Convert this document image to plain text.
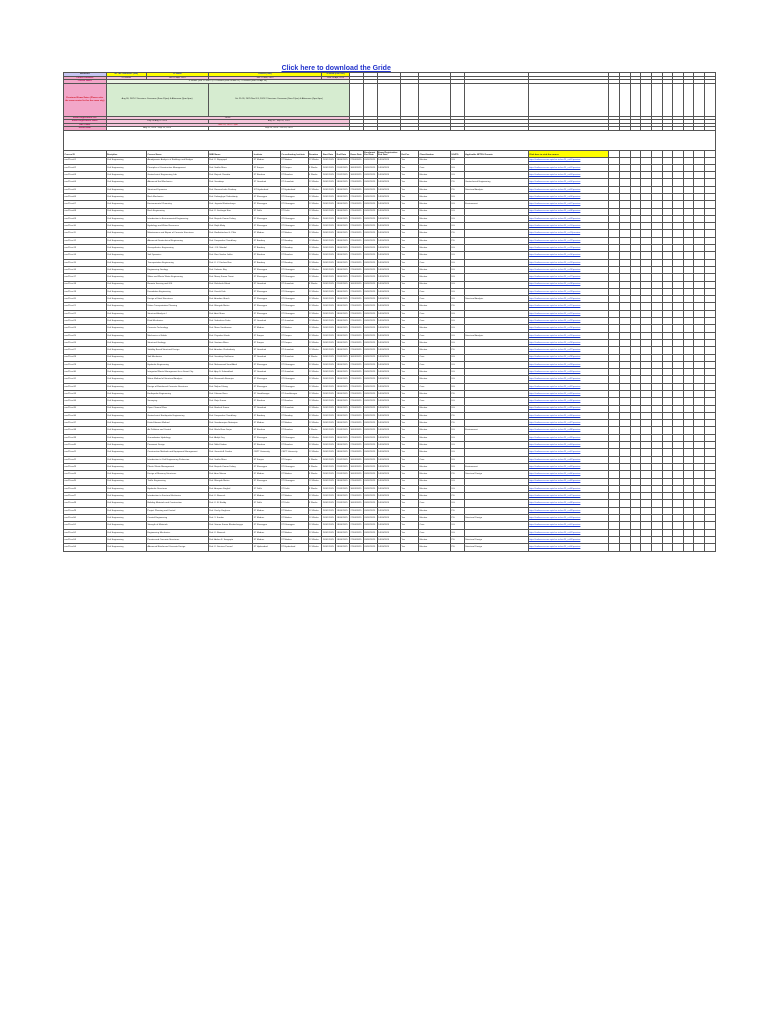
Click here to download the Gride																										
Semester	NPTEL Semester (Jan)	12 Week	8 Week (Jan)				8 Week (Feb-Jun)																			
Course Duration	12 Weeks	Jan 27-Apr, 2025	Jan 27-Mar, 2025				Feb 24-Apr, 2025																			
Course Dates	4 Weeks (Jan 27-Feb 21) • 4 Weeks (Feb 24-Mar 21) • 4 Weeks (Mar 24-Apr 18)																									
Proctored Exam Dates (Please refer the exam center list for the exam city)	Aug 30, 2025 2 Sessions: Forenoon (9am-12pm) & Afternoon (2pm-5pm)		Oct 25-26, 2025 Nov 8-9, 2025 2 Sessions: Forenoon (9am-12pm) & Afternoon (2pm-5pm)																							
Exam Registration Fee	1000/-																									
Exam Registration Dates	July 28-Aug 22 2025		Aug 18 - Sep 20, 2025																							
Hall Ticket	June 29, 2025 - 5pm																									
Result Date	Aug 22, 2025 - Sep 15, 2025		Sep 26, 2025 - Oct 10, 2025																							

Course ID	Discipline	Course Name	SME Name	Institute	Co-ordinating Institute	Duration	Start Date	End Date	Exam Date	Enrolment End Date	Exam Registration End Date	Ext.Fee	Classification	UG/PG	Applicable NPTEL Domain	Click here to visit the course										
noc25-ce01	Civil Engineering	Aerodynamic Analysis of Buildings and Bridges	Prof. K. Rajagopal	IIT Madras	IIT Madras	12 Weeks	24/01/2025	18/04/2025	27/04/2025	03/02/2025	14/03/2025	Yes	Elective	UG		https://onlinecourses.nptel.ac.in/noc25_ce01/preview										
noc25-ce02	Civil Engineering	Principles of Construction Management	Prof. Sudhir Misra	IIT Kanpur	IIT Kanpur	8 Weeks	24/01/2025	21/03/2025	30/03/2025	03/02/2025	14/03/2025	Yes	Core	UG		https://onlinecourses.nptel.ac.in/noc25_ce02/preview										
noc25-ce03	Civil Engineering	Geotechnical Engineering Lab	Prof. Rajesh Chandra	IIT Roorkee	IIT Roorkee	4 Weeks	24/01/2025	21/02/2025	30/03/2025	03/02/2025	14/03/2025	Yes	Elective	UG		https://onlinecourses.nptel.ac.in/noc25_ce03/preview										
noc25-ce04	Civil Engineering	Advanced Soil Mechanics	Prof. Sreedeep	IIT Guwahati	IIT Guwahati	12 Weeks	24/01/2025	18/04/2025	27/04/2025	03/02/2025	14/03/2025	Yes	Elective	PG	Geotechnical Engineering	https://onlinecourses.nptel.ac.in/noc25_ce04/preview										
noc25-ce05	Civil Engineering	Structural Dynamics	Prof. Ramancharla Pradeep	IIIT Hyderabad	IIT Hyderabad	12 Weeks	24/01/2025	18/04/2025	27/04/2025	03/02/2025	14/03/2025	Yes	Elective	PG	Structural Analysis	https://onlinecourses.nptel.ac.in/noc25_ce05/preview										
noc25-ce06	Civil Engineering	Rock Mechanics	Prof. Debarghya Chakraborty	IIT Kharagpur	IIT Kharagpur	12 Weeks	24/01/2025	18/04/2025	27/04/2025	03/02/2025	14/03/2025	Yes	Elective	UG		https://onlinecourses.nptel.ac.in/noc25_ce06/preview										
noc25-ce07	Civil Engineering	Environmental Chemistry	Prof. Jayanta Bhattacharya	IIT Kharagpur	IIT Kharagpur	12 Weeks	24/01/2025	18/04/2025	27/04/2025	03/02/2025	14/03/2025	Yes	Elective	UG	Environment	https://onlinecourses.nptel.ac.in/noc25_ce07/preview										
noc25-ce08	Civil Engineering	Rock Engineering	Prof. K. Seshagiri Rao	IIT Delhi	IIT Delhi	12 Weeks	24/01/2025	18/04/2025	27/04/2025	03/02/2025	14/03/2025	Yes	Elective	UG		https://onlinecourses.nptel.ac.in/noc25_ce08/preview										
noc25-ce09	Civil Engineering	Introduction to Environmental Engineering	Prof. Brajesh Kumar Dubey	IIT Kharagpur	IIT Kharagpur	12 Weeks	24/01/2025	18/04/2025	27/04/2025	03/02/2025	14/03/2025	Yes	Elective	UG		https://onlinecourses.nptel.ac.in/noc25_ce09/preview										
noc25-ce10	Civil Engineering	Hydrology and Water Resources	Prof. Rajib Maity	IIT Kharagpur	IIT Kharagpur	12 Weeks	24/01/2025	18/04/2025	27/04/2025	03/02/2025	14/03/2025	Yes	Elective	UG		https://onlinecourses.nptel.ac.in/noc25_ce10/preview										
noc25-ce11	Civil Engineering	Maintenance and Repair of Concrete Structures	Prof. Radhakrishna G. Pillai	IIT Madras	IIT Madras	12 Weeks	24/01/2025	18/04/2025	27/04/2025	03/02/2025	14/03/2025	Yes	Elective	PG		https://onlinecourses.nptel.ac.in/noc25_ce11/preview										
noc25-ce12	Civil Engineering	Advanced Geotechnical Engineering	Prof. Deepankar Choudhury	IIT Bombay	IIT Bombay	12 Weeks	24/01/2025	18/04/2025	27/04/2025	03/02/2025	14/03/2025	Yes	Elective	PG		https://onlinecourses.nptel.ac.in/noc25_ce12/preview										
noc25-ce13	Civil Engineering	Geosynthetics Engineering	Prof. J. N. Mandal	IIT Bombay	IIT Bombay	12 Weeks	24/01/2025	18/04/2025	27/04/2025	03/02/2025	14/03/2025	Yes	Elective	UG		https://onlinecourses.nptel.ac.in/noc25_ce13/preview										
noc25-ce14	Civil Engineering	Soil Dynamics	Prof. Ravi Sankar Jakka	IIT Roorkee	IIT Roorkee	12 Weeks	24/01/2025	18/04/2025	27/04/2025	03/02/2025	14/03/2025	Yes	Elective	UG		https://onlinecourses.nptel.ac.in/noc25_ce14/preview										
noc25-ce15	Civil Engineering	Transportation Engineering	Prof. K. V. Krishna Rao	IIT Bombay	IIT Bombay	12 Weeks	24/01/2025	18/04/2025	27/04/2025	03/02/2025	14/03/2025	Yes	Core	UG		https://onlinecourses.nptel.ac.in/noc25_ce15/preview										
noc25-ce16	Civil Engineering	Engineering Geology	Prof. Debasis Roy	IIT Kharagpur	IIT Kharagpur	12 Weeks	24/01/2025	18/04/2025	27/04/2025	03/02/2025	14/03/2025	Yes	Elective	UG		https://onlinecourses.nptel.ac.in/noc25_ce16/preview										
noc25-ce17	Civil Engineering	Water and Waste Water Engineering	Prof. Manoj Kumar Tiwari	IIT Kharagpur	IIT Kharagpur	12 Weeks	24/01/2025	18/04/2025	27/04/2025	03/02/2025	14/03/2025	Yes	Elective	UG		https://onlinecourses.nptel.ac.in/noc25_ce17/preview										
noc25-ce18	Civil Engineering	Remote Sensing and GIS	Prof. Rishikesh Bharti	IIT Guwahati	IIT Guwahati	8 Weeks	24/01/2025	21/03/2025	30/03/2025	03/02/2025	14/03/2025	Yes	Elective	UG		https://onlinecourses.nptel.ac.in/noc25_ce18/preview										
noc25-ce19	Civil Engineering	Foundation Engineering	Prof. Kousik Deb	IIT Kharagpur	IIT Kharagpur	12 Weeks	24/01/2025	18/04/2025	27/04/2025	03/02/2025	14/03/2025	Yes	Core	UG		https://onlinecourses.nptel.ac.in/noc25_ce19/preview										
noc25-ce20	Civil Engineering	Design of Steel Structures	Prof. Arindam Ghosh	IIT Kharagpur	IIT Kharagpur	12 Weeks	24/01/2025	18/04/2025	27/04/2025	03/02/2025	14/03/2025	Yes	Core	UG	Structural Analysis	https://onlinecourses.nptel.ac.in/noc25_ce20/preview										
noc25-ce21	Civil Engineering	Urban Transportation Planning	Prof. Bhargab Maitra	IIT Kharagpur	IIT Kharagpur	12 Weeks	24/01/2025	18/04/2025	27/04/2025	03/02/2025	14/03/2025	Yes	Elective	PG		https://onlinecourses.nptel.ac.in/noc25_ce21/preview										
noc25-ce22	Civil Engineering	Structural Analysis I	Prof. Amit Shaw	IIT Kharagpur	IIT Kharagpur	12 Weeks	24/01/2025	18/04/2025	27/04/2025	03/02/2025	14/03/2025	Yes	Core	UG		https://onlinecourses.nptel.ac.in/noc25_ce22/preview										
noc25-ce23	Civil Engineering	Fluid Mechanics	Prof. Subashisa Dutta	IIT Guwahati	IIT Guwahati	12 Weeks	24/01/2025	18/04/2025	27/04/2025	03/02/2025	14/03/2025	Yes	Core	UG		https://onlinecourses.nptel.ac.in/noc25_ce23/preview										
noc25-ce24	Civil Engineering	Concrete Technology	Prof. Manu Santhanam	IIT Madras	IIT Madras	12 Weeks	24/01/2025	18/04/2025	27/04/2025	03/02/2025	14/03/2025	Yes	Elective	UG		https://onlinecourses.nptel.ac.in/noc25_ce24/preview										
noc25-ce25	Civil Engineering	Mechanics of Solids	Prof. Priyanka Ghosh	IIT Kanpur	IIT Kanpur	12 Weeks	24/01/2025	18/04/2025	27/04/2025	03/02/2025	14/03/2025	Yes	Core	UG	Structural Analysis	https://onlinecourses.nptel.ac.in/noc25_ce25/preview										
noc25-ce26	Civil Engineering	Structural Geology	Prof. Santanu Misra	IIT Kanpur	IIT Kanpur	12 Weeks	24/01/2025	18/04/2025	27/04/2025	03/02/2025	14/03/2025	Yes	Elective	UG		https://onlinecourses.nptel.ac.in/noc25_ce26/preview										
noc25-ce27	Civil Engineering	Stability Based Structural Design	Prof. Arindam Chakraborty	IIT Guwahati	IIT Guwahati	12 Weeks	24/01/2025	18/04/2025	27/04/2025	03/02/2025	14/03/2025	Yes	Elective	PG		https://onlinecourses.nptel.ac.in/noc25_ce27/preview										
noc25-ce28	Civil Engineering	Soil Mechanics	Prof. Sreedeep Sekharan	IIT Guwahati	IIT Guwahati	8 Weeks	24/01/2025	21/03/2025	30/03/2025	03/02/2025	14/03/2025	Yes	Core	UG		https://onlinecourses.nptel.ac.in/noc25_ce28/preview										
noc25-ce29	Civil Engineering	Hydraulic Engineering	Prof. Mohammad Saud Afzal	IIT Kharagpur	IIT Kharagpur	12 Weeks	24/01/2025	18/04/2025	27/04/2025	03/02/2025	14/03/2025	Yes	Core	UG		https://onlinecourses.nptel.ac.in/noc25_ce29/preview										
noc25-ce30	Civil Engineering	Integrated Waste Management for a Smart City	Prof. Ajay S. Kalamdhad	IIT Guwahati	IIT Guwahati	12 Weeks	24/01/2025	18/04/2025	27/04/2025	03/02/2025	14/03/2025	Yes	Elective	UG		https://onlinecourses.nptel.ac.in/noc25_ce30/preview										
noc25-ce31	Civil Engineering	Matrix Method of Structural Analysis	Prof. Biswanath Banerjee	IIT Kharagpur	IIT Kharagpur	12 Weeks	24/01/2025	18/04/2025	27/04/2025	03/02/2025	14/03/2025	Yes	Elective	UG		https://onlinecourses.nptel.ac.in/noc25_ce31/preview										
noc25-ce32	Civil Engineering	Design of Reinforced Concrete Structures	Prof. Nirjhar Dhang	IIT Kharagpur	IIT Kharagpur	12 Weeks	24/01/2025	18/04/2025	27/04/2025	03/02/2025	14/03/2025	Yes	Core	UG		https://onlinecourses.nptel.ac.in/noc25_ce32/preview										
noc25-ce33	Civil Engineering	Earthquake Engineering	Prof. Dhiman Basu	IIT Gandhinagar	IIT Gandhinagar	12 Weeks	24/01/2025	18/04/2025	27/04/2025	03/02/2025	14/03/2025	Yes	Elective	PG		https://onlinecourses.nptel.ac.in/noc25_ce33/preview										
noc25-ce34	Civil Engineering	Surveying	Prof. Rajiv Kumar	IIT Roorkee	IIT Roorkee	12 Weeks	24/01/2025	18/04/2025	27/04/2025	03/02/2025	14/03/2025	Yes	Core	UG		https://onlinecourses.nptel.ac.in/noc25_ce34/preview										
noc25-ce35	Civil Engineering	Open Channel Flow	Prof. Bimlesh Kumar	IIT Guwahati	IIT Guwahati	12 Weeks	24/01/2025	18/04/2025	27/04/2025	03/02/2025	14/03/2025	Yes	Elective	UG		https://onlinecourses.nptel.ac.in/noc25_ce35/preview										
noc25-ce36	Civil Engineering	Geotechnical Earthquake Engineering	Prof. Deepankar Choudhury	IIT Bombay	IIT Bombay	12 Weeks	24/01/2025	18/04/2025	27/04/2025	03/02/2025	14/03/2025	Yes	Elective	PG		https://onlinecourses.nptel.ac.in/noc25_ce36/preview										
noc25-ce37	Civil Engineering	Finite Element Method	Prof. Sundararajan Natarajan	IIT Madras	IIT Madras	12 Weeks	24/01/2025	18/04/2025	27/04/2025	03/02/2025	14/03/2025	Yes	Elective	PG		https://onlinecourses.nptel.ac.in/noc25_ce37/preview										
noc25-ce38	Civil Engineering	Air Pollution and Control	Prof. Bhola Ram Gurjar	IIT Roorkee	IIT Roorkee	8 Weeks	24/01/2025	21/03/2025	30/03/2025	03/02/2025	14/03/2025	Yes	Elective	UG	Environment	https://onlinecourses.nptel.ac.in/noc25_ce38/preview										
noc25-ce39	Civil Engineering	Groundwater Hydrology	Prof. Abhijit Dey	IIT Kharagpur	IIT Kharagpur	12 Weeks	24/01/2025	18/04/2025	27/04/2025	03/02/2025	14/03/2025	Yes	Elective	UG		https://onlinecourses.nptel.ac.in/noc25_ce39/preview										
noc25-ce40	Civil Engineering	Pavement Design	Prof. Nikhil Saboo	IIT Roorkee	IIT Roorkee	12 Weeks	24/01/2025	18/04/2025	27/04/2025	03/02/2025	14/03/2025	Yes	Elective	UG		https://onlinecourses.nptel.ac.in/noc25_ce40/preview										
noc25-ce41	Civil Engineering	Construction Methods and Equipment Management	Prof. Ganesh A. Devkar	CEPT University	CEPT University	12 Weeks	24/01/2025	18/04/2025	27/04/2025	03/02/2025	14/03/2025	Yes	Elective	UG		https://onlinecourses.nptel.ac.in/noc25_ce41/preview										
noc25-ce42	Civil Engineering	Introduction to Civil Engineering Profession	Prof. Sudhir Misra	IIT Kanpur	IIT Kanpur	4 Weeks	24/01/2025	21/02/2025	30/03/2025	03/02/2025	14/03/2025	Yes	Core	UG		https://onlinecourses.nptel.ac.in/noc25_ce42/preview										
noc25-ce43	Civil Engineering	Plastic Waste Management	Prof. Brajesh Kumar Dubey	IIT Kharagpur	IIT Kharagpur	8 Weeks	24/01/2025	21/03/2025	30/03/2025	03/02/2025	14/03/2025	Yes	Elective	UG	Environment	https://onlinecourses.nptel.ac.in/noc25_ce43/preview										
noc25-ce44	Civil Engineering	Design of Masonry Structures	Prof. Arun Menon	IIT Madras	IIT Madras	8 Weeks	24/01/2025	21/03/2025	30/03/2025	03/02/2025	14/03/2025	Yes	Elective	PG	Structural Design	https://onlinecourses.nptel.ac.in/noc25_ce44/preview										
noc25-ce45	Civil Engineering	Traffic Engineering	Prof. Bhargab Maitra	IIT Kharagpur	IIT Kharagpur	12 Weeks	24/01/2025	18/04/2025	27/04/2025	03/02/2025	14/03/2025	Yes	Elective	UG		https://onlinecourses.nptel.ac.in/noc25_ce45/preview										
noc25-ce46	Civil Engineering	Hydraulic Structures	Prof. Anupam Singhal	IIT Delhi	IIT Delhi	8 Weeks	24/01/2025	21/03/2025	30/03/2025	03/02/2025	14/03/2025	Yes	Elective	UG		https://onlinecourses.nptel.ac.in/noc25_ce46/preview										
noc25-ce47	Civil Engineering	Introduction to Fracture Mechanics	Prof. K. Ramesh	IIT Madras	IIT Madras	12 Weeks	24/01/2025	18/04/2025	27/04/2025	03/02/2025	14/03/2025	Yes	Elective	PG		https://onlinecourses.nptel.ac.in/noc25_ce47/preview										
noc25-ce48	Civil Engineering	Building Materials and Construction	Prof. K. R. Reddy	IIT Delhi	IIT Delhi	8 Weeks	24/01/2025	21/03/2025	30/03/2025	03/02/2025	14/03/2025	Yes	Core	UG		https://onlinecourses.nptel.ac.in/noc25_ce48/preview										
noc25-ce49	Civil Engineering	Project Planning and Control	Prof. Koshy Varghese	IIT Madras	IIT Madras	12 Weeks	24/01/2025	18/04/2025	27/04/2025	03/02/2025	14/03/2025	Yes	Elective	PG		https://onlinecourses.nptel.ac.in/noc25_ce49/preview										
noc25-ce50	Civil Engineering	Coastal Engineering	Prof. V. Sundar	IIT Madras	IIT Madras	12 Weeks	24/01/2025	18/04/2025	27/04/2025	03/02/2025	14/03/2025	Yes	Elective	PG	Structural Design	https://onlinecourses.nptel.ac.in/noc25_ce50/preview										
noc25-ce51	Civil Engineering	Strength of Materials	Prof. Sriman Kumar Bhattacharyya	IIT Kharagpur	IIT Kharagpur	12 Weeks	24/01/2025	18/04/2025	27/04/2025	03/02/2025	14/03/2025	Yes	Core	UG		https://onlinecourses.nptel.ac.in/noc25_ce51/preview										
noc25-ce52	Civil Engineering	Engineering Mechanics	Prof. K. Ramesh	IIT Madras	IIT Madras	12 Weeks	24/01/2025	18/04/2025	27/04/2025	03/02/2025	14/03/2025	Yes	Core	UG		https://onlinecourses.nptel.ac.in/noc25_ce52/preview										
noc25-ce53	Civil Engineering	Prestressed Concrete Structures	Prof. Amlan K. Sengupta	IIT Madras	IIT Madras	12 Weeks	24/01/2025	18/04/2025	27/04/2025	03/02/2025	14/03/2025	Yes	Elective	PG	Structural Design	https://onlinecourses.nptel.ac.in/noc25_ce53/preview										
noc25-ce54	Civil Engineering	Advanced Reinforced Concrete Design	Prof. K. Srinivas Prasad	IIT Hyderabad	IIT Hyderabad	12 Weeks	24/01/2025	18/04/2025	27/04/2025	03/02/2025	14/03/2025	Yes	Elective	PG	Structural Design	https://onlinecourses.nptel.ac.in/noc25_ce54/preview										
